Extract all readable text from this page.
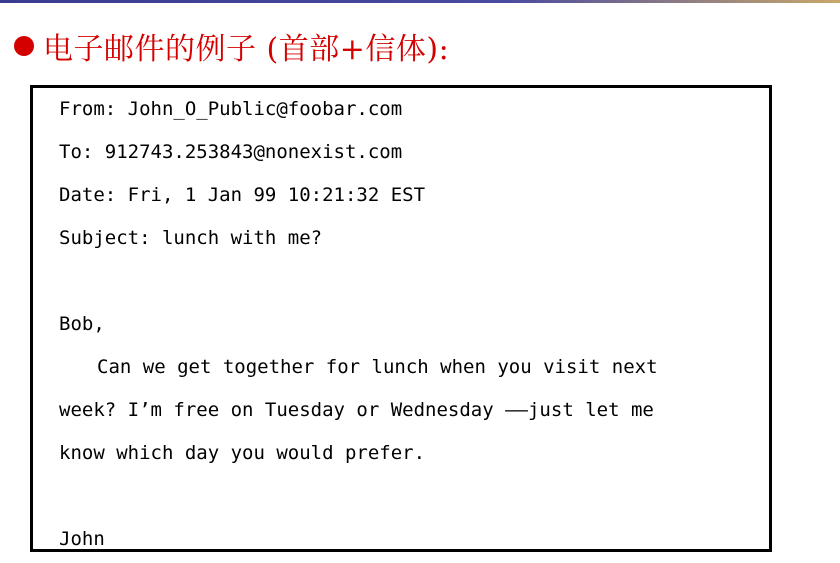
电子邮件的例子 (首部+信体):
From: John_O_Public@foobar.com
To: 912743.253843@nonexist.com
Date: Fri, 1 Jan 99 10:21:32 EST
Subject: lunch with me?
Bob,
Can we get together for lunch when you visit next
week? I’m free on Tuesday or Wednesday ——just let me
know which day you would prefer.
John
